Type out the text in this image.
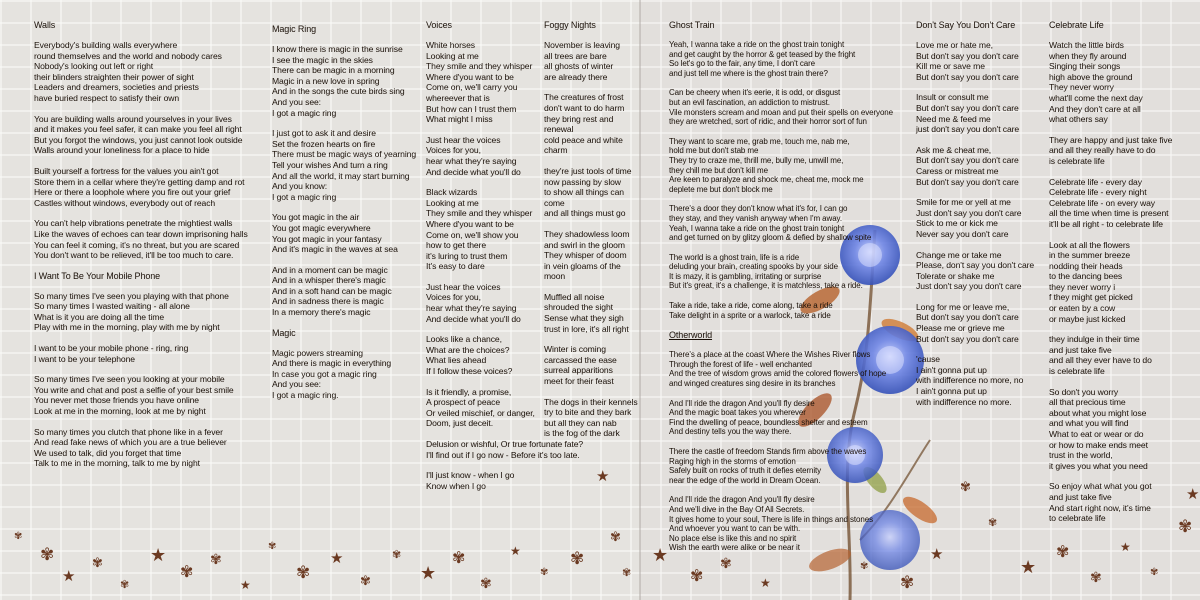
Walls

Everybody's building walls everywhere
round themselves and the world and nobody cares
Nobody's looking out left or right
their blinders straighten their power of sight
Leaders and dreamers, societies and priests
have buried respect to satisfy their own

You are building walls around yourselves in your lives
and it makes you feel safer, it can make you feel all right
But you forgot the windows, you just cannot look outside
Walls around your loneliness for a place to hide

Built yourself a fortress for the values you ain't got
Store them in a cellar where they're getting damp and rot
Here or there a loophole where you fire out your grief
Castles without windows, everybody out of reach

You can't help vibrations penetrate the mightiest walls
Like the waves of echoes can tear down imprisoning halls
You can feel it coming, it's no threat, but you are scared
You don't want to be relieved, it'll be too much to care.

I Want To Be Your Mobile Phone

So many times I've seen you playing with that phone
So many times I wasted waiting - all alone
What is it you are doing all the time
Play with me in the morning, play with me by night

I want to be your mobile phone - ring, ring
I want to be your telephone

So many times I've seen you looking at your mobile
You write and chat and post a selfie of your best smile
You never met those friends you have online
Look at me in the morning, look at me by night

So many times you clutch that phone like in a fever
And read fake news of which you are a true believer
We used to talk, did you forget that time
Talk to me in the morning, talk to me by night

Magic Ring

I know there is magic in the sunrise
I see the magic in the skies
There can be magic in a morning
Magic in a new love in spring
And in the songs the cute birds sing
And you see:
I got a magic ring

I just got to ask it and desire
Set the frozen hearts on fire
There must be magic ways of yearning
Tell your wishes And turn a ring
And all the world, it may start burning
And you know:
I got a magic ring

You got magic in the air
You got magic everywhere
You got magic in your fantasy
And it's magic in the waves at sea

And in a moment can be magic
And in a whisper there's magic
And in a soft hand can be magic
And in sadness there is magic
In a memory there's magic

Magic

Magic powers streaming
And there is magic in everything
In case you got a magic ring
And you see:
I got a magic ring.

Voices

White horses
Looking at me
They smile and they whisper
Where d'you want to be
Come on, we'll carry you
whereever that is
But how can I trust them
What might I miss

Just hear the voices
Voices for you,
hear what they're saying
And decide what you'll do

Black wizards
Looking at me
They smile and they whisper
Where d'you want to be
Come on, we'll show you
how to get there
it's luring to trust them
It's easy to dare

Just hear the voices
Voices for you,
hear what they're saying
And decide what you'll do

Looks like a chance,
What are the choices?
What lies ahead
If I follow these voices?

Is it friendly, a promise,
A prospect of peace
Or veiled mischief, or danger,
Doom, just deceit.

Delusion or wishful, Or true fortunate fate?
I'll find out if I go now - Before it's too late.

I'll just know - when I go
Know when I go

Foggy Nights

November is leaving
all trees are bare
all ghosts of winter
are already there

The creatures of frost
don't want to do harm
they bring rest and renewal
cold peace and white charm

they're just tools of time
now passing by slow
to show all things can come
and all things must go

They shadowless loom
and swirl in the gloom
They whisper of doom
in vein gloams of the moon

Muffled all noise
shrouded the sight
Sense what they sigh
trust in lore, it's all right

Winter is coming
carcassed the ease
surreal apparitions
meet for their feast

The dogs in their kennels
try to bite and they bark
but all they can nab
is the fog of the dark

Ghost Train

Yeah, I wanna take a ride on the ghost train tonight
and get caught by the horror & get teased by the fright
So let's go to the fair, any time, I don't care
and just tell me where is the ghost train there?

Can be cheery when it's eerie, it is odd, or disgust
but an evil fascination, an addiction to mistrust.
Vile monsters scream and moan and put their spells on everyone
they are wretched, sort of ridic, and their horror sort of fun

They want to scare me, grab me, touch me, nab me,
hold me but don't stab me
They try to craze me, thrill me, bully me, unwill me,
they chill me but don't kill me
Are keen to paralyze and shock me, cheat me, mock me
deplete me but don't block me

There's a door they don't know what it's for, I can go
they stay, and they vanish anyway when I'm away.
Yeah, I wanna take a ride on the ghost train tonight
and get turned on by glitzy gloom & defied by shallow spite

The world is a ghost train, life is a ride
deluding your brain, creating spooks by your side
It is mazy, it is gambling, irritating or surprise
But it's great, it's a challenge, it is matchless, take a ride.

Take a ride, take a ride, come along, take a ride
Take delight in a sprite or a warlock, take a ride

Otherworld

There's a place at the coast Where the Wishes River flows
Through the forest of life - well enchanted
And the tree of wisdom grows amid the colored flowers of hope
and winged creatures sing desire in its branches

And I'll ride the dragon And you'll fly desire
And the magic boat takes you wherever
Find the dwelling of peace, boundless shelter and esteem
And destiny tells you the way there.

There the castle of freedom Stands firm above the waves
Raging high in the storms of emotion
Safely built on rocks of truth it defies eternity
near the edge of the world in Dream Ocean.

And I'll ride the dragon And you'll fly desire
And we'll dive in the Bay Of All Secrets.
It gives home to your soul, There is life in things and stones
And whoever you want to can be with.
No place else is like this and no spirit
Wish the earth were alike or be near it

Don't Say You Don't Care

Love me or hate me,
But don't say you don't care
Kill me or save me
But don't say you don't care

Insult or consult me
But don't say you don't care
Need me & feed me
just don't say you don't care

Ask me & cheat me,
But don't say you don't care
Caress or mistreat me
But don't say you don't care

Smile for me or yell at me
Just don't say you don't care
Stick to me or kick me
Never say you don't care

Change me or take me
Please, don't say you don't care
Tolerate or shake me
Just don't say you don't care

Long for me or leave me,
But don't say you don't care
Please me or grieve me
But don't say you don't care

'cause
I ain't gonna put up
with indifference no more, no
I ain't gonna put up
with indifference no more.

Celebrate Life

Watch the little birds
when they fly around
Singing their songs
high above the ground
They never worry
what'll come the next day
And they don't care at all
what others say

They are happy and just take five
and all they really have to do
is celebrate life

Celebrate life - every day
Celebrate life - every night
Celebrate life - on every way
all the time when time is present
it'll be all right - to celebrate life

Look at all the flowers
in the summer breeze
nodding their heads
to the dancing bees
they never worry i
f they might get picked
or eaten by a cow
or maybe just kicked

they indulge in their time
and just take five
and all they ever have to do
is celebrate life

So don't you worry
all that precious time
about what you might lose
and what you will find
What to eat or wear or do
or how to make ends meet
trust in the world,
it gives you what you need

So enjoy what what you got
and just take five
And start right now, it's time
to celebrate life

✾
✾
★
✾
✾
★
✾
✾
★
✾
✾
★
✾
✾
★
✾
✾
★
✾
✾
★
✾
✾
★
✾
✾
★
✾
✾
★
✾
✾
★
✾
✾
★
✾
✾
★
